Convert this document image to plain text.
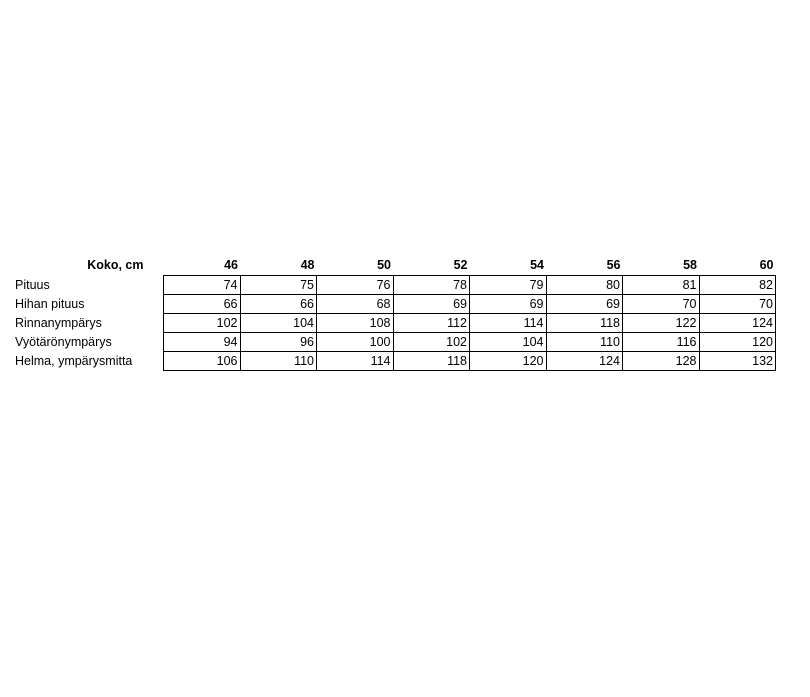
Koko, cm	46	48	50	52	54	56	58	60
Pituus	74	75	76	78	79	80	81	82
Hihan pituus	66	66	68	69	69	69	70	70
Rinnanympärys	102	104	108	112	114	118	122	124
Vyötärönympärys	94	96	100	102	104	110	116	120
Helma, ympärysmitta	106	110	114	118	120	124	128	132
